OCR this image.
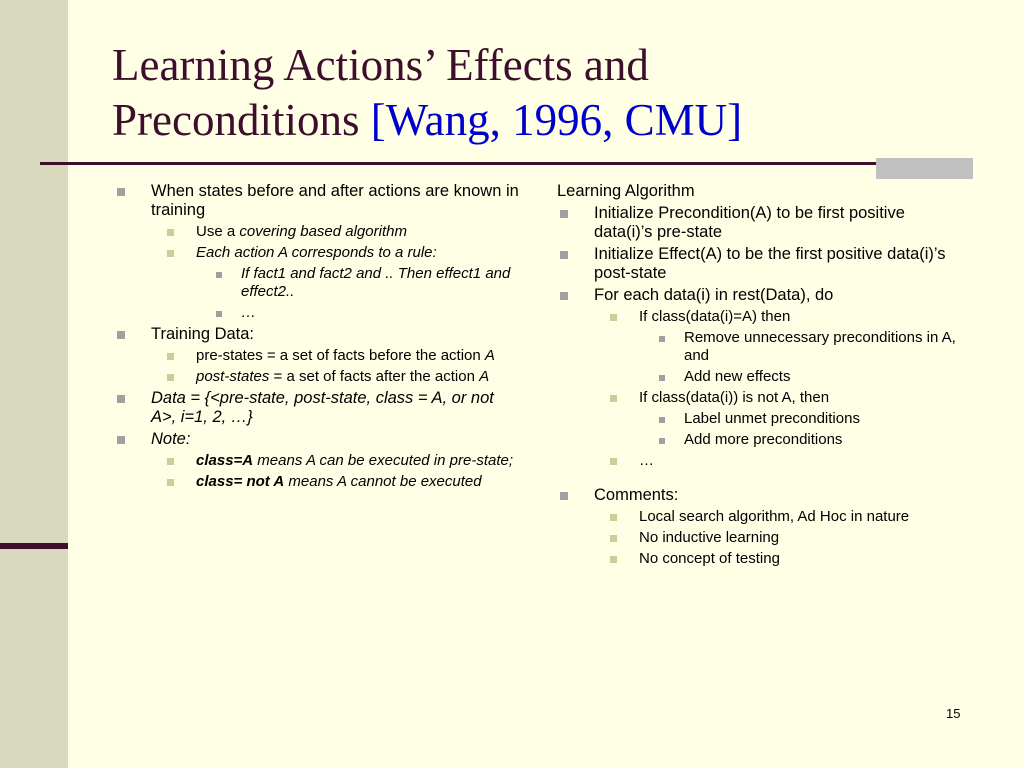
Learning Actions’ Effects and
Preconditions [Wang, 1996, CMU]
When states before and after actions are known in training
Use a covering based algorithm
Each action A corresponds to a rule:
If fact1 and fact2 and .. Then effect1 and effect2..
…
Training Data:
pre-states = a set of facts before the action A
post-states = a set of facts after the action A
Data = {<pre-state, post-state, class = A, or not A>, i=1, 2, …}
Note:
class=A means A can be executed in pre-state;
class= not A means A cannot be executed
Learning Algorithm
Initialize Precondition(A) to be first positive data(i)’s pre-state
Initialize Effect(A) to be the first positive data(i)’s post-state
For each data(i) in rest(Data), do
If class(data(i)=A) then
Remove unnecessary preconditions in A, and
Add new effects
If class(data(i)) is not A, then
Label unmet preconditions
Add more preconditions
…
Comments:
Local search algorithm, Ad Hoc in nature
No inductive learning
No concept of testing
15
